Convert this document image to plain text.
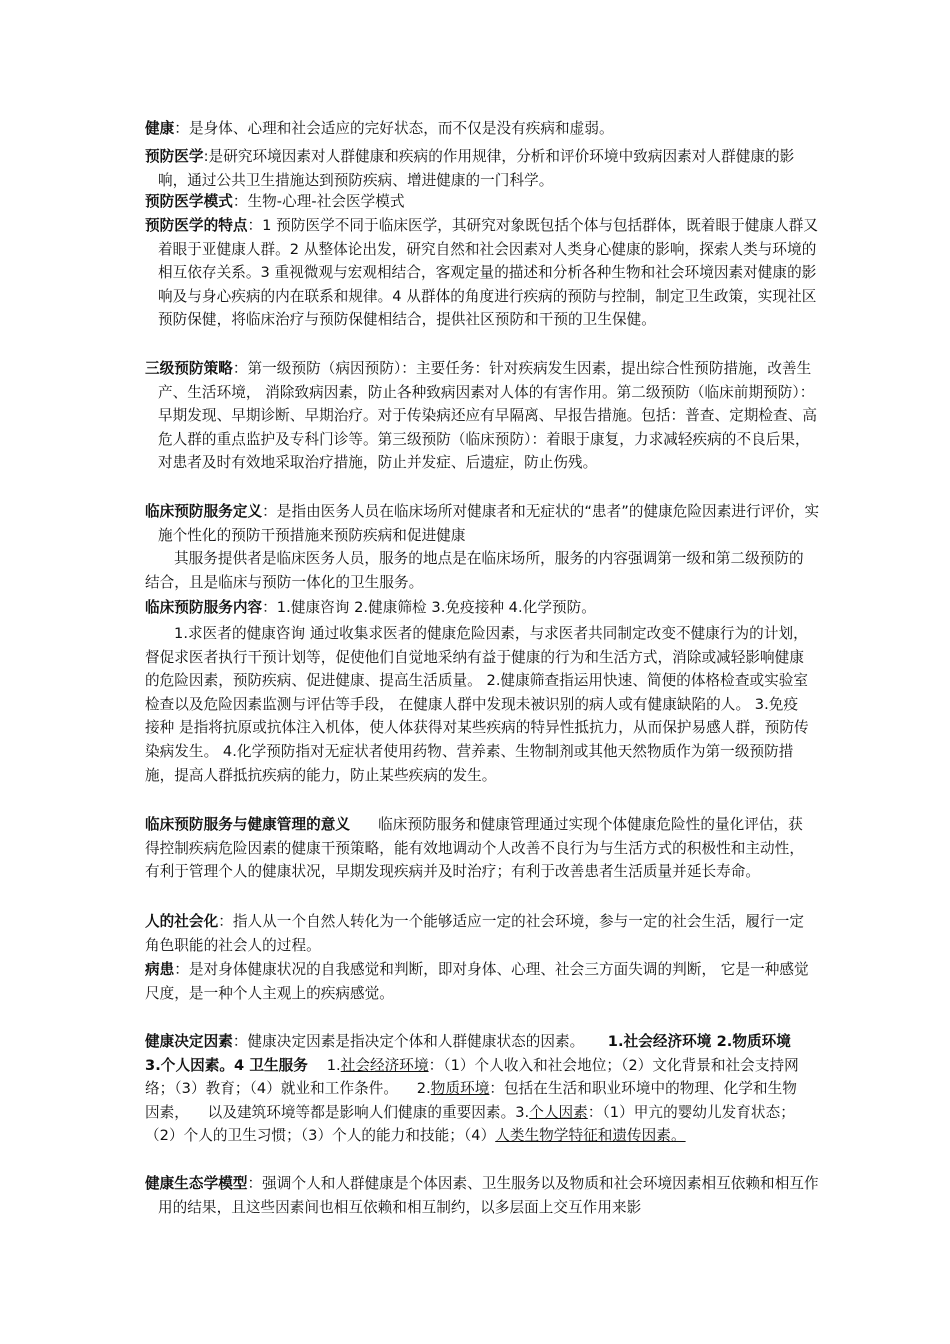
健康：是身体、心理和社会适应的完好状态，而不仅是没有疾病和虚弱。
预防医学:是研究环境因素对人群健康和疾病的作用规律，分析和评价环境中致病因素对人群健康的影响，通过公共卫生措施达到预防疾病、增进健康的一门科学。
预防医学模式：生物-心理-社会医学模式
预防医学的特点：1 预防医学不同于临床医学，其研究对象既包括个体与包括群体，既着眼于健康人群又着眼于亚健康人群。2 从整体论出发，研究自然和社会因素对人类身心健康的影响，探索人类与环境的相互依存关系。3 重视微观与宏观相结合，客观定量的描述和分析各种生物和社会环境因素对健康的影响及与身心疾病的内在联系和规律。4 从群体的角度进行疾病的预防与控制，制定卫生政策，实现社区预防保健，将临床治疗与预防保健相结合，提供社区预防和干预的卫生保健。
三级预防策略：第一级预防（病因预防）：主要任务：针对疾病发生因素，提出综合性预防措施，改善生产、生活环境， 消除致病因素，防止各种致病因素对人体的有害作用。第二级预防（临床前期预防）：早期发现、早期诊断、早期治疗。对于传染病还应有早隔离、早报告措施。包括：普查、定期检查、高危人群的重点监护及专科门诊等。第三级预防（临床预防）：着眼于康复，力求减轻疾病的不良后果，对患者及时有效地采取治疗措施，防止并发症、后遗症，防止伤残。
临床预防服务定义：是指由医务人员在临床场所对健康者和无症状的“患者”的健康危险因素进行评价，实施个性化的预防干预措施来预防疾病和促进健康
其服务提供者是临床医务人员，服务的地点是在临床场所，服务的内容强调第一级和第二级预防的结合，且是临床与预防一体化的卫生服务。
临床预防服务内容：1.健康咨询 2.健康筛检 3.免疫接种 4.化学预防。
1.求医者的健康咨询 通过收集求医者的健康危险因素，与求医者共同制定改变不健康行为的计划，督促求医者执行干预计划等，促使他们自觉地采纳有益于健康的行为和生活方式，消除或减轻影响健康的危险因素，预防疾病、促进健康、提高生活质量。 2.健康筛查指运用快速、简便的体格检查或实验室检查以及危险因素监测与评估等手段， 在健康人群中发现未被识别的病人或有健康缺陷的人。 3.免疫接种 是指将抗原或抗体注入机体，使人体获得对某些疾病的特异性抵抗力，从而保护易感人群，预防传染病发生。 4.化学预防指对无症状者使用药物、营养素、生物制剂或其他天然物质作为第一级预防措施，提高人群抵抗疾病的能力，防止某些疾病的发生。
临床预防服务与健康管理的意义 临床预防服务和健康管理通过实现个体健康危险性的量化评估，获得控制疾病危险因素的健康干预策略，能有效地调动个人改善不良行为与生活方式的积极性和主动性，有利于管理个人的健康状况，早期发现疾病并及时治疗；有利于改善患者生活质量并延长寿命。
人的社会化：指人从一个自然人转化为一个能够适应一定的社会环境，参与一定的社会生活，履行一定角色职能的社会人的过程。
病患：是对身体健康状况的自我感觉和判断，即对身体、心理、社会三方面失调的判断， 它是一种感觉尺度，是一种个人主观上的疾病感觉。
健康决定因素：健康决定因素是指决定个体和人群健康状态的因素。     1.社会经济环境 2.物质环境 3.个人因素。4 卫生服务    1.社会经济环境：（1）个人收入和社会地位；（2）文化背景和社会支持网络；（3）教育；（4）就业和工作条件。    2.物质环境：包括在生活和职业环境中的物理、化学和生物因素，    以及建筑环境等都是影响人们健康的重要因素。3.个人因素：（1）甲亢的婴幼儿发育状态；（2）个人的卫生习惯；（3）个人的能力和技能；（4）人类生物学特征和遗传因素。
健康生态学模型：强调个人和人群健康是个体因素、卫生服务以及物质和社会环境因素相互依赖和相互作用的结果，且这些因素间也相互依赖和相互制约，以多层面上交互作用来影
